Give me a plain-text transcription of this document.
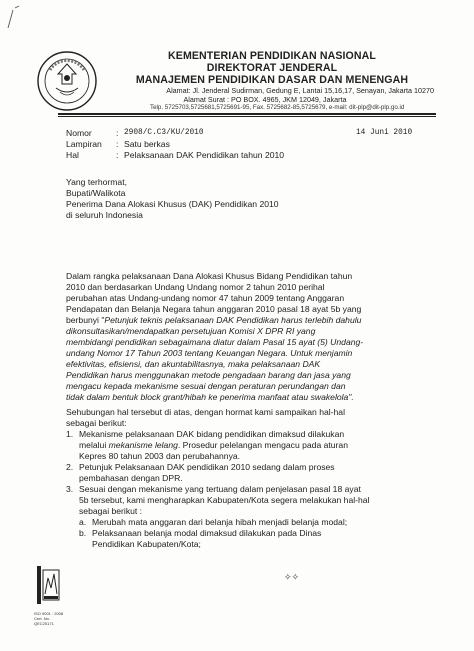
KEMENTERIAN PENDIDIKAN NASIONAL
DIREKTORAT JENDERAL
MANAJEMEN PENDIDIKAN DASAR DAN MENENGAH
Alamat: Jl. Jenderal Sudirman, Gedung E, Lantai 15,16,17, Senayan, Jakarta 10270
Alamat Surat : PO BOX. 4965, JKM 12049, Jakarta
Telp. 5725703,5725681,5725691-95, Fax. 5725682-85,5725679, e-mail: dit-plp@dit-plp.go.id
Nomor	: 2908/C.C3/KU/2010
Lampiran : Satu berkas
Hal	: Pelaksanaan DAK Pendidikan tahun 2010
14 Juni 2010
Yang terhormat,
Bupati/Walikota
Penerima Dana Alokasi Khusus (DAK) Pendidikan 2010
di seluruh Indonesia
Dalam rangka pelaksanaan Dana Alokasi Khusus Bidang Pendidikan tahun
2010 dan berdasarkan Undang Undang nomor 2 tahun 2010 perihal
perubahan atas Undang-undang nomor 47 tahun 2009 tentang Anggaran
Pendapatan dan Belanja Negara tahun anggaran 2010 pasal 18 ayat 5b yang
berbunyi "Petunjuk teknis pelaksanaan DAK Pendidikan harus terlebih dahulu
dikonsultasikan/mendapatkan persetujuan Komisi X DPR RI yang
membidangi pendidikan sebagaimana diatur dalam Pasal 15 ayat (5) Undang-
undang Nomor 17 Tahun 2003 tentang Keuangan Negara. Untuk menjamin
efektivitas, efisiensi, dan akuntabilitasnya, maka pelaksanaan DAK
Pendidikan harus menggunakan metode pengadaan barang dan jasa yang
mengacu kepada mekanisme sesuai dengan peraturan perundangan dan
tidak dalam bentuk block grant/hibah ke penerima manfaat atau swakelola".
Sehubungan hal tersebut di atas, dengan hormat kami sampaikan hal-hal
sebagai berikut:
1. Mekanisme pelaksanaan DAK bidang pendidikan dimaksud dilakukan
melalui mekanisme lelang. Prosedur pelelangan mengacu pada aturan
Kepres 80 tahun 2003 dan perubahannya.
2. Petunjuk Pelaksanaan DAK pendidikan 2010 sedang dalam proses
pembahasan dengan DPR.
3. Sesuai dengan mekanisme yang tertuang dalam penjelasan pasal 18 ayat
5b tersebut, kami mengharapkan Kabupaten/Kota segera melakukan hal-hal
sebagai berikut :
a. Merubah mata anggaran dari belanja hibah menjadi belanja modal;
b. Pelaksanaan belanja modal dimaksud dilakukan pada Dinas
Pendidikan Kabupaten/Kota;
ISO 9001 : 2008
Cert. No. QEC25171
✧✧
